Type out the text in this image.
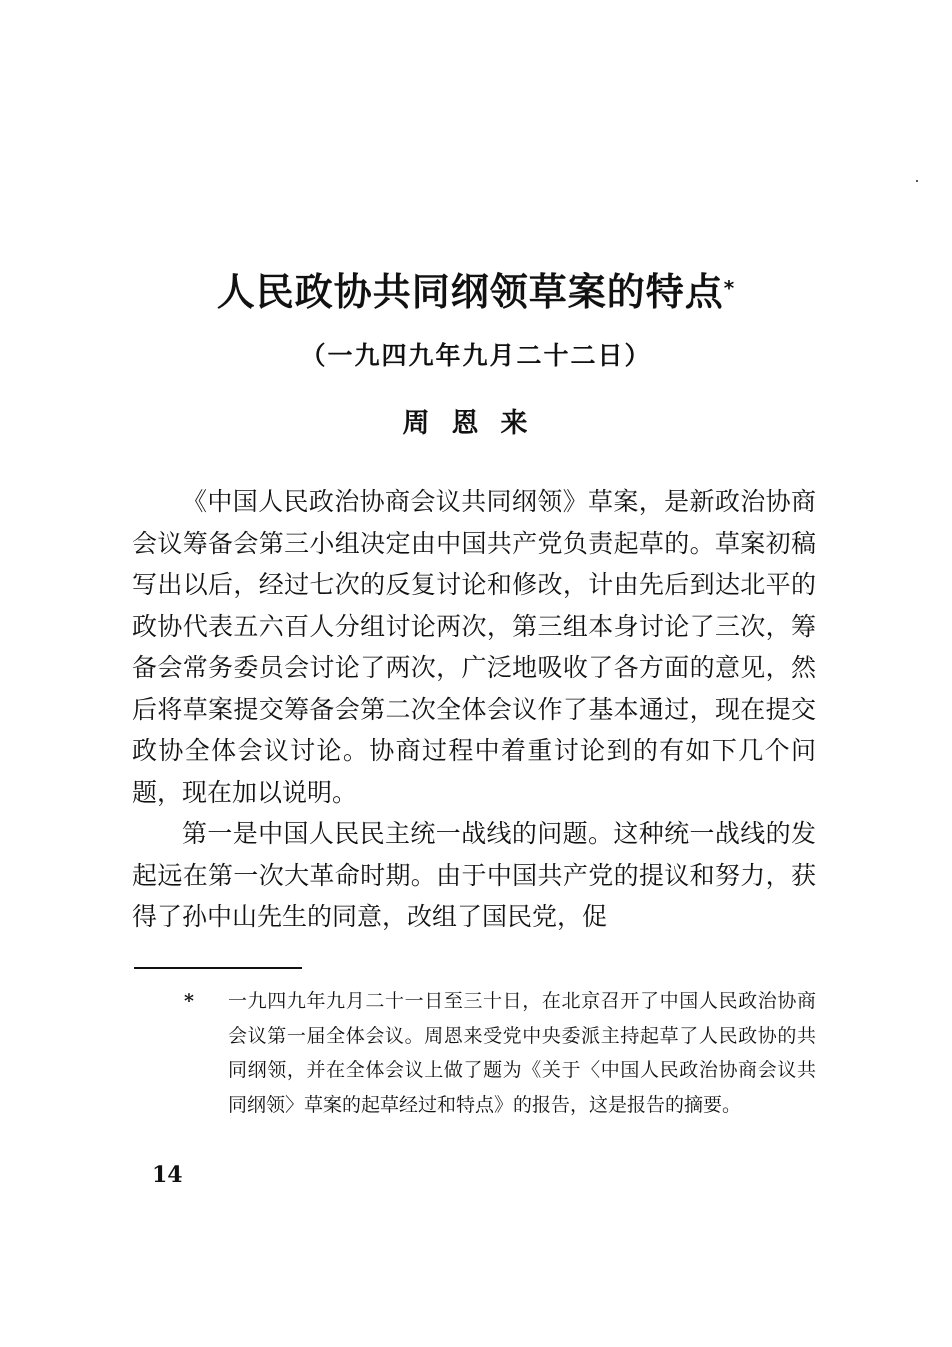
人民政协共同纲领草案的特点*
（一九四九年九月二十二日）
周恩来

《中国人民政治协商会议共同纲领》草案，是新政治协商会议筹备会第三小组决定由中国共产党负责起草的。草案初稿写出以后，经过七次的反复讨论和修改，计由先后到达北平的政协代表五六百人分组讨论两次，第三组本身讨论了三次，筹备会常务委员会讨论了两次，广泛地吸收了各方面的意见，然后将草案提交筹备会第二次全体会议作了基本通过，现在提交政协全体会议讨论。协商过程中着重讨论到的有如下几个问题，现在加以说明。

第一是中国人民民主统一战线的问题。这种统一战线的发起远在第一次大革命时期。由于中国共产党的提议和努力，获得了孙中山先生的同意，改组了国民党，促

* 一九四九年九月二十一日至三十日，在北京召开了中国人民政治协商会议第一届全体会议。周恩来受党中央委派主持起草了人民政协的共同纲领，并在全体会议上做了题为《关于〈中国人民政治协商会议共同纲领〉草案的起草经过和特点》的报告，这是报告的摘要。
14
